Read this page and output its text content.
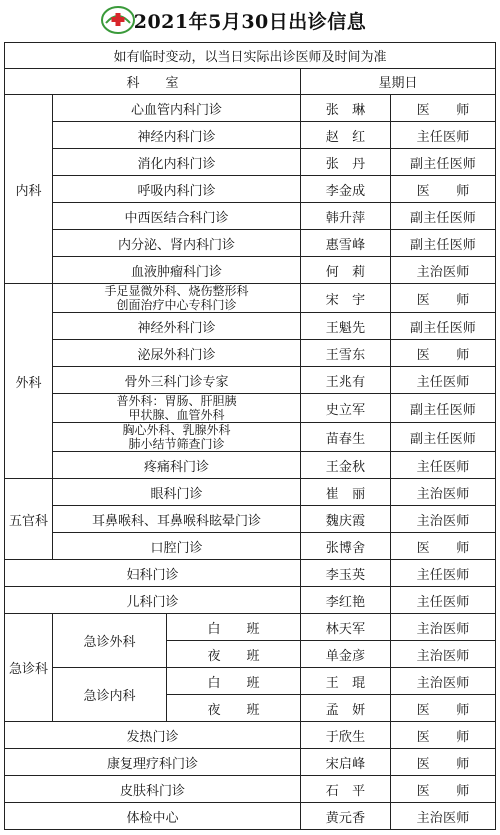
2021年5月30日出诊信息
如有临时变动，以当日实际出诊医师及时间为准				
科　　室			星期日	
内科	心血管内科门诊		张　琳	医　　师
	神经内科门诊		赵　红	主任医师
	消化内科门诊		张　丹	副主任医师
	呼吸内科门诊		李金成	医　　师
	中西医结合科门诊		韩升萍	副主任医师
	内分泌、肾内科门诊		惠雪峰	副主任医师
	血液肿瘤科门诊		何　莉	主治医师
外科	手足显微外科、烧伤整形科
创面治疗中心专科门诊		宋　宇	医　　师
	神经外科门诊		王魁先	副主任医师
	泌尿外科门诊		王雪东	医　　师
	骨外三科门诊专家		王兆有	主任医师

	普外科：胃肠、肝胆胰
甲状腺、血管外科		史立军	副主任医师

	胸心外科、乳腺外科
肺小结节筛查门诊		苗春生	副主任医师
	疼痛科门诊		王金秋	主任医师
五官科	眼科门诊		崔　丽	主治医师
	耳鼻喉科、耳鼻喉科眩晕门诊		魏庆霞	主治医师
	口腔门诊		张博舍	医　　师
妇科门诊			李玉英	主任医师
儿科门诊			李红艳	主任医师
急诊科	急诊外科	白　　班	林天军	主治医师
		夜　　班	单金彦	主治医师
	急诊内科	白　　班	王　琨	主治医师
		夜　　班	孟　妍	医　　师
发热门诊			于欣生	医　　师
康复理疗科门诊			宋启峰	医　　师
皮肤科门诊			石　平	医　　师
体检中心			黄元香	主治医师
